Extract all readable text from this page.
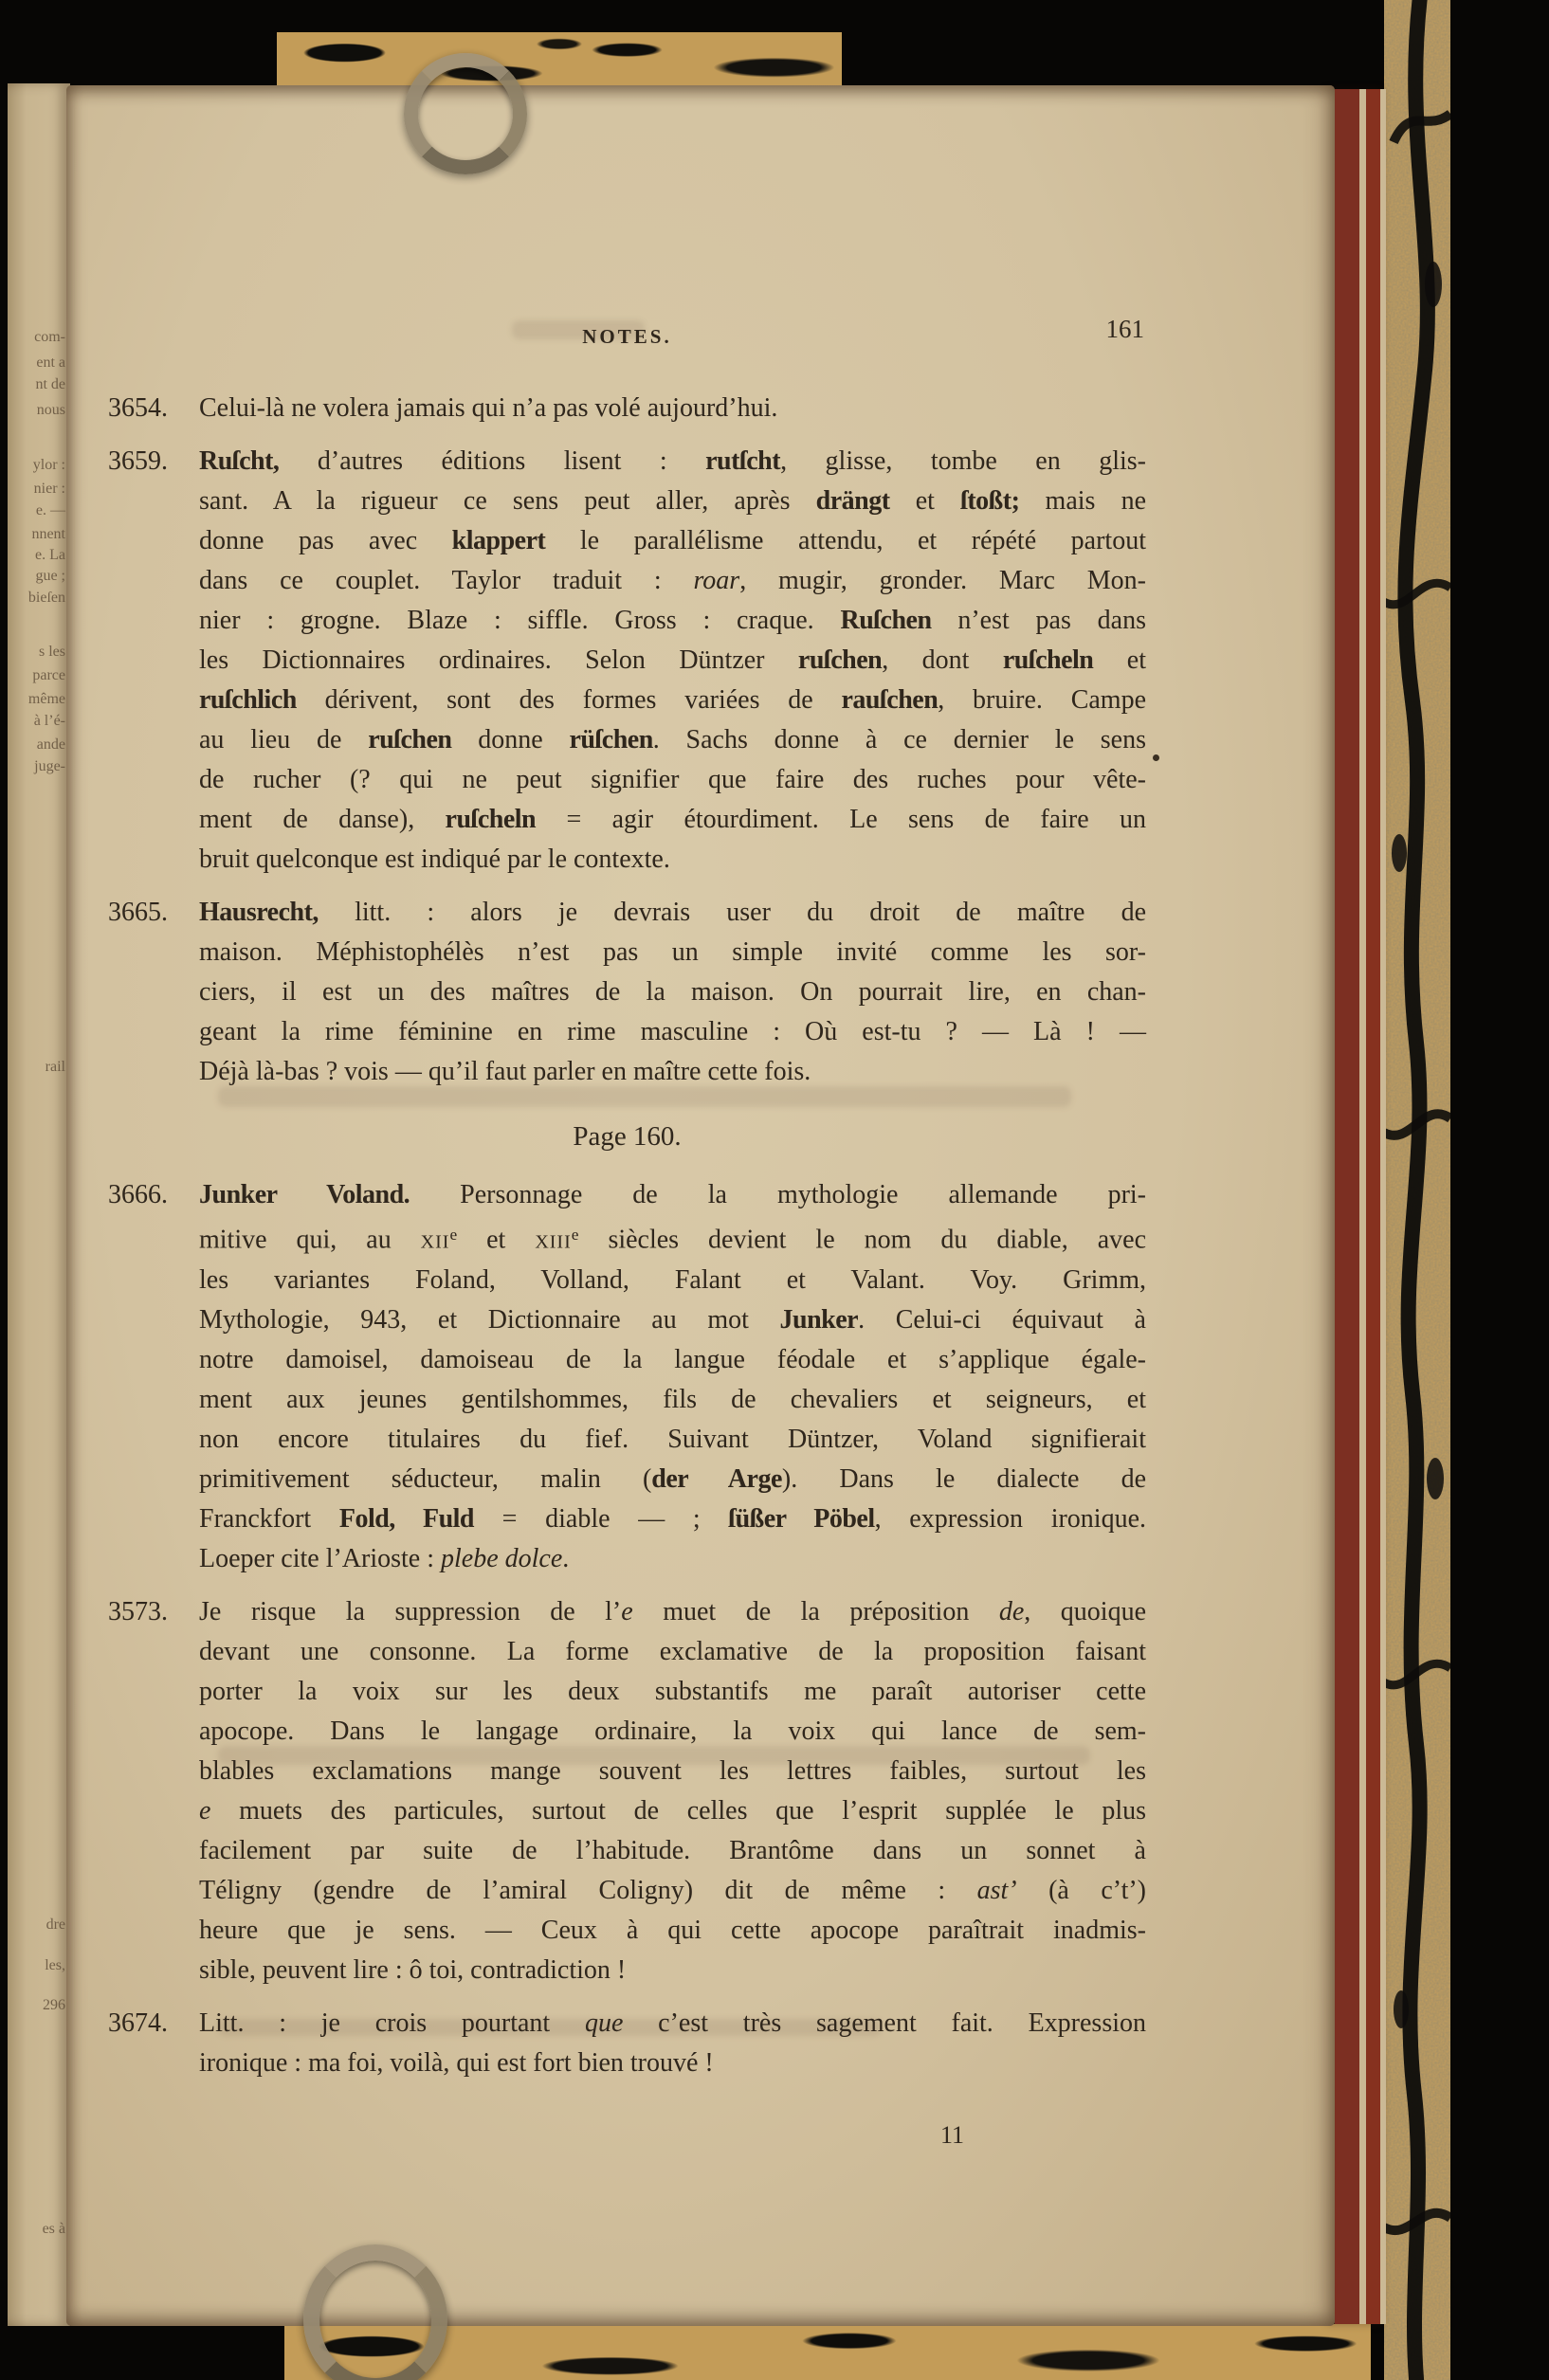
com-
ent a
nt de
nous
ylor :
nier :
e. —
nnent
e. La
gue ;
bieſen
s les
parce
même
à l’é-
ande
juge-
rail
dre
les,
296
es à
NOTES.	161
3654. Celui-là ne volera jamais qui n’a pas volé aujourd’hui.
3659. Ruſcht, d’autres éditions lisent : rutſcht, glisse, tombe en glis-
sant. A la rigueur ce sens peut aller, après drängt et ſtoßt; mais ne
donne pas avec klappert le parallélisme attendu, et répété partout
dans ce couplet. Taylor traduit : roar, mugir, gronder. Marc Mon-
nier : grogne. Blaze : siffle. Gross : craque. Ruſchen n’est pas dans
les Dictionnaires ordinaires. Selon Düntzer ruſchen, dont ruſcheln et
ruſchlich dérivent, sont des formes variées de rauſchen, bruire. Campe
au lieu de ruſchen donne rüſchen. Sachs donne à ce dernier le sens
de rucher (? qui ne peut signifier que faire des ruches pour vête-
ment de danse), ruſcheln = agir étourdiment. Le sens de faire un
bruit quelconque est indiqué par le contexte.
3665. Hausrecht, litt. : alors je devrais user du droit de maître de
maison. Méphistophélès n’est pas un simple invité comme les sor-
ciers, il est un des maîtres de la maison. On pourrait lire, en chan-
geant la rime féminine en rime masculine : Où est-tu ? — Là ! —
Déjà là-bas ? vois — qu’il faut parler en maître cette fois.
Page 160.
3666. Junker Voland. Personnage de la mythologie allemande pri-
mitive qui, au xii$^e$ et xiii$^e$ siècles devient le nom du diable, avec
les variantes Foland, Volland, Falant et Valant. Voy. Grimm,
Mythologie, 943, et Dictionnaire au mot Junker. Celui-ci équivaut à
notre damoisel, damoiseau de la langue féodale et s’applique égale-
ment aux jeunes gentilshommes, fils de chevaliers et seigneurs, et
non encore titulaires du fief. Suivant Düntzer, Voland signifierait
primitivement séducteur, malin (der Arge). Dans le dialecte de
Franckfort Fold, Fuld = diable — ; ſüßer Pöbel, expression ironique.
Loeper cite l’Arioste : plebe dolce.
3573. Je risque la suppression de l’e muet de la préposition de, quoique
devant une consonne. La forme exclamative de la proposition faisant
porter la voix sur les deux substantifs me paraît autoriser cette
apocope. Dans le langage ordinaire, la voix qui lance de sem-
blables exclamations mange souvent les lettres faibles, surtout les
e muets des particules, surtout de celles que l’esprit supplée le plus
facilement par suite de l’habitude. Brantôme dans un sonnet à
Téligny (gendre de l’amiral Coligny) dit de même : ast’ (à c’t’)
heure que je sens. — Ceux à qui cette apocope paraîtrait inadmis-
sible, peuvent lire : ô toi, contradiction !
3674. Litt. : je crois pourtant que c’est très sagement fait. Expression
ironique : ma foi, voilà, qui est fort bien trouvé !
11
